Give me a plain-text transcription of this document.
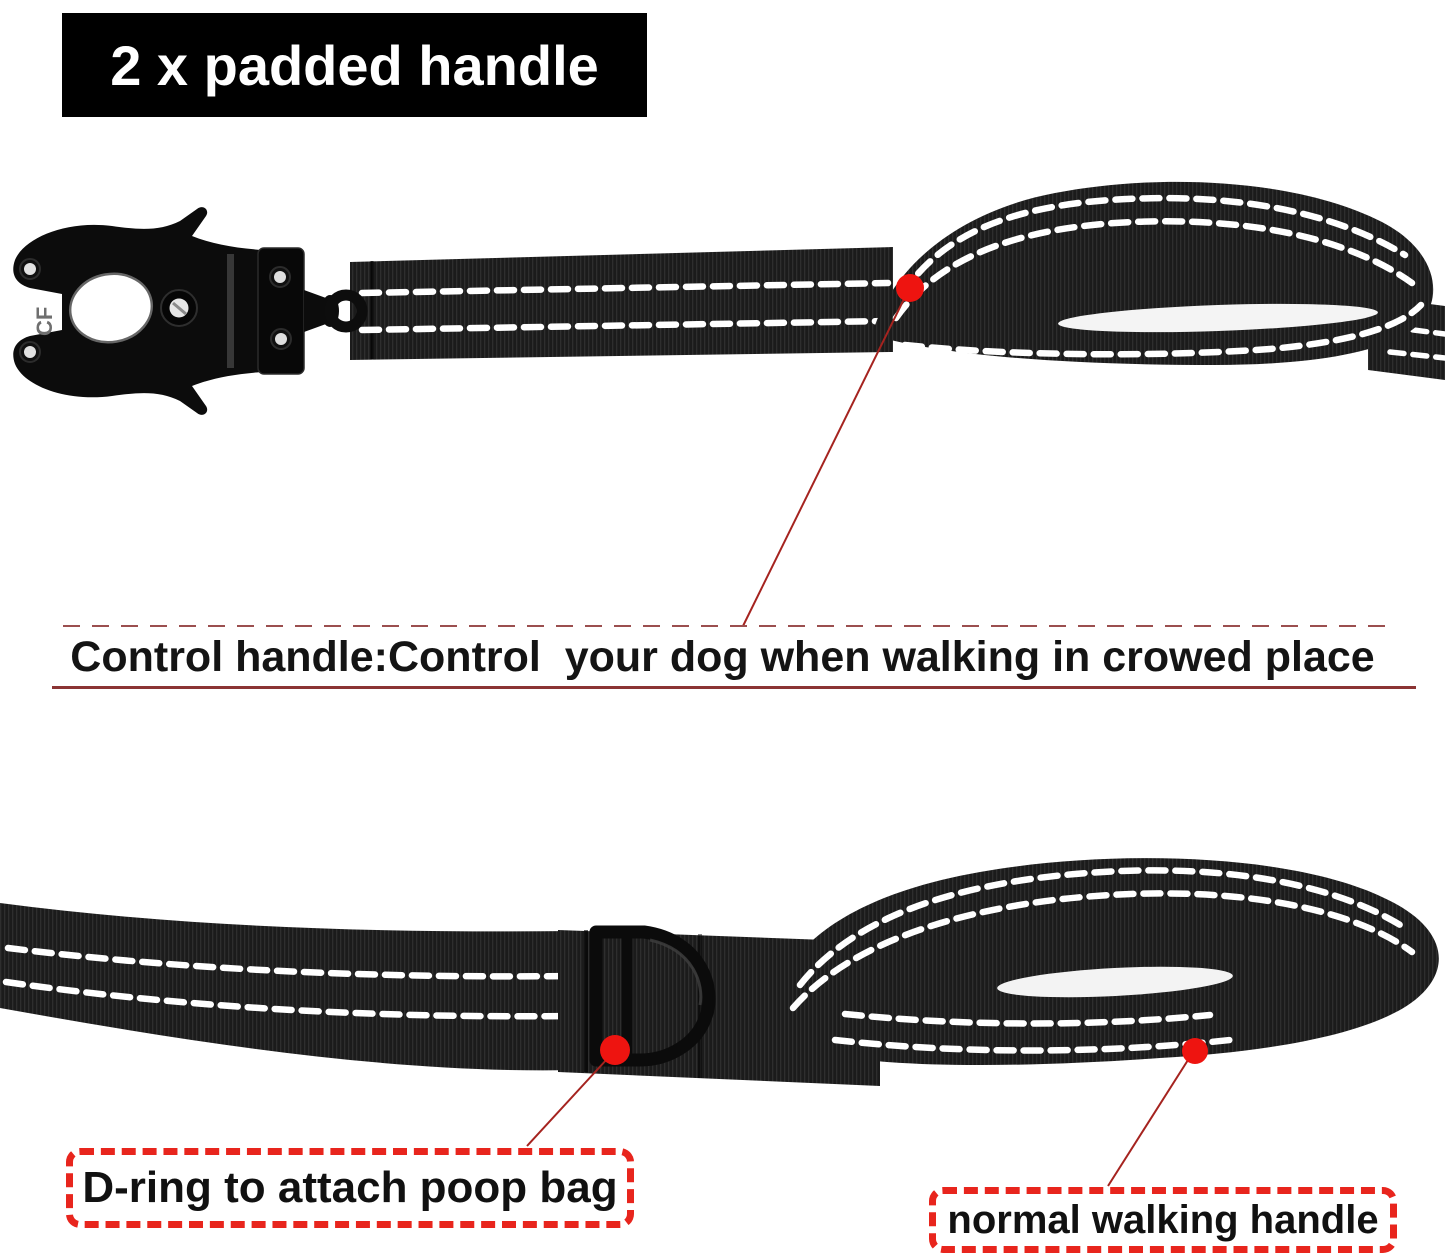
CF
2 x padded handle
Control handle:Control  your dog when walking in crowed place
D-ring to attach poop bag
normal walking handle
